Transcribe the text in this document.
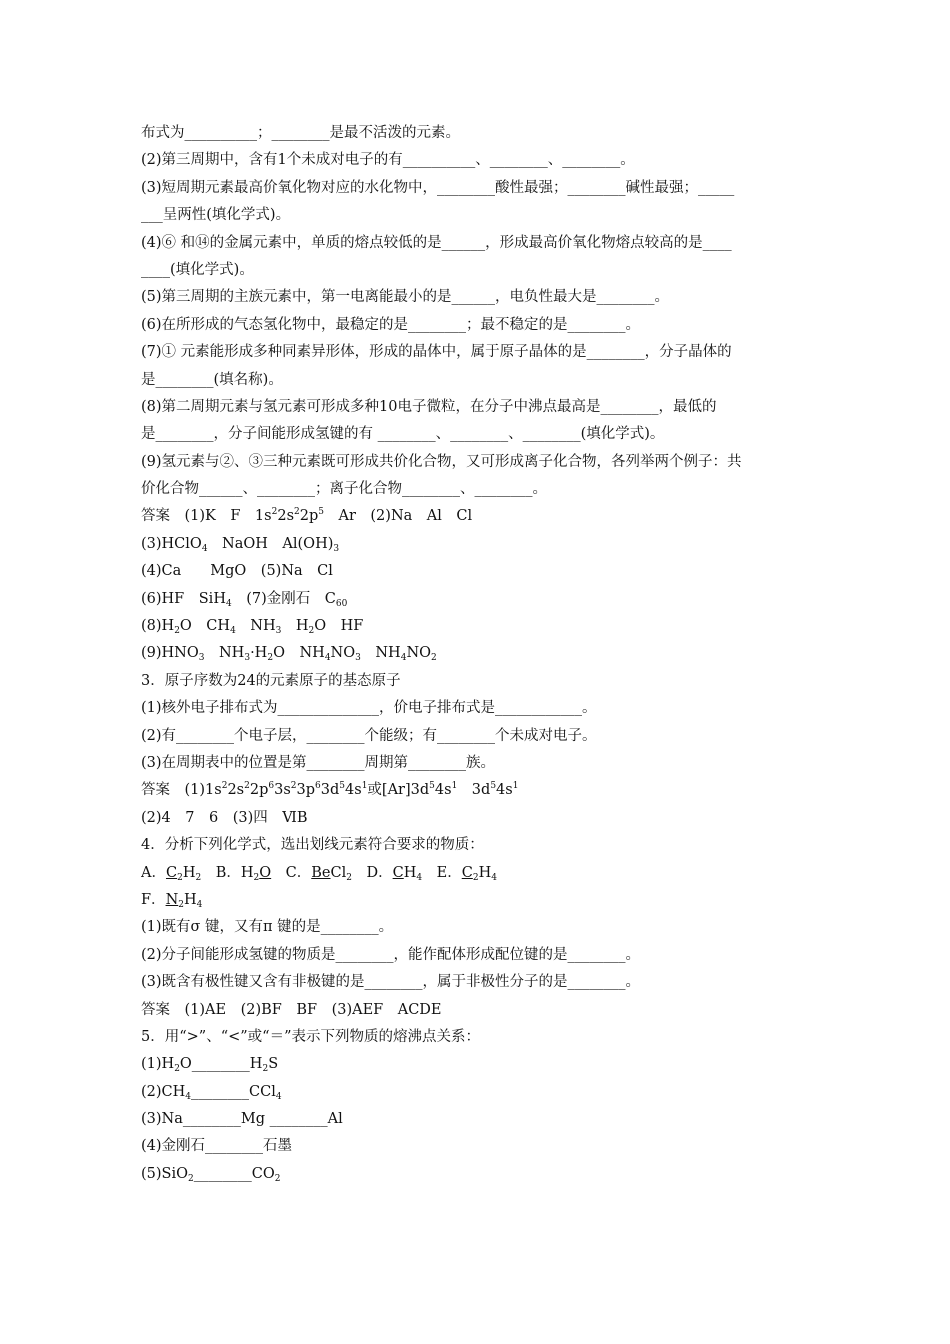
布式为__________；________是最不活泼的元素。
(2)第三周期中，含有1个未成对电子的有__________、________、________。
(3)短周期元素最高价氧化物对应的水化物中，________酸性最强；________碱性最强；_____
___呈两性(填化学式)。
(4)⑥ 和⑭的金属元素中，单质的熔点较低的是______，形成最高价氧化物熔点较高的是____
____(填化学式)。
(5)第三周期的主族元素中，第一电离能最小的是______，电负性最大是________。
(6)在所形成的气态氢化物中，最稳定的是________；最不稳定的是________。
(7)① 元素能形成多种同素异形体，形成的晶体中，属于原子晶体的是________，分子晶体的
是________(填名称)。
(8)第二周期元素与氢元素可形成多种10电子微粒，在分子中沸点最高是________，最低的
是________，分子间能形成氢键的有 ________、________、________(填化学式)。
(9)氢元素与②、③三种元素既可形成共价化合物，又可形成离子化合物，各列举两个例子：共
价化合物______、________；离子化合物________、________。
答案　(1)K　F　$1s^22s^22p^5$　Ar　(2)Na　Al　Cl
(3)HClO$_4$　NaOH　$Al(OH)_3$
(4)Ca　　MgO　(5)Na　Cl
(6)HF　SiH$_4$　(7)金刚石　$C_{60}$
$(8)H_2O$　$CH_4$　$NH_3$　$H_2O$　HF
$(9)HNO_3$　$NH_3\cdot H_2O$　$NH_4NO_3$　$NH_4NO_2$
3．原子序数为24的元素原子的基态原子
(1)核外电子排布式为______________，价电子排布式是____________。
(2)有________个电子层，________个能级；有________个未成对电子。
(3)在周期表中的位置是第________周期第________族。
答案　$(1)1s^22s^22p^63s^23p^63d^54s^1$或$[Ar]3d^54s^1$　$3d^54s^1$
(2)4　7　6　(3)四　ⅥB
4．分析下列化学式，选出划线元素符合要求的物质：
A．$C_2H_2$　B．$H_2O$　C．BeCl$_2$　D．$CH_4$　E．$C_2H_4$
F．$N_2H_4$
(1)既有σ 键，又有π 键的是________。
(2)分子间能形成氢键的物质是________，能作配体形成配位键的是________。
(3)既含有极性键又含有非极键的是________，属于非极性分子的是________。
答案　(1)AE　(2)BF　BF　(3)AEF　ACDE
5．用“>”、“<”或“＝”表示下列物质的熔沸点关系：
$(1)H_2O\_\_\_\_\_\_\_\_H_2S$
$(2)CH_4\_\_\_\_\_\_\_\_CCl_4$
(3)Na________Mg ________Al
(4)金刚石________石墨
$(5)SiO_2\_\_\_\_\_\_\_\_CO_2$
